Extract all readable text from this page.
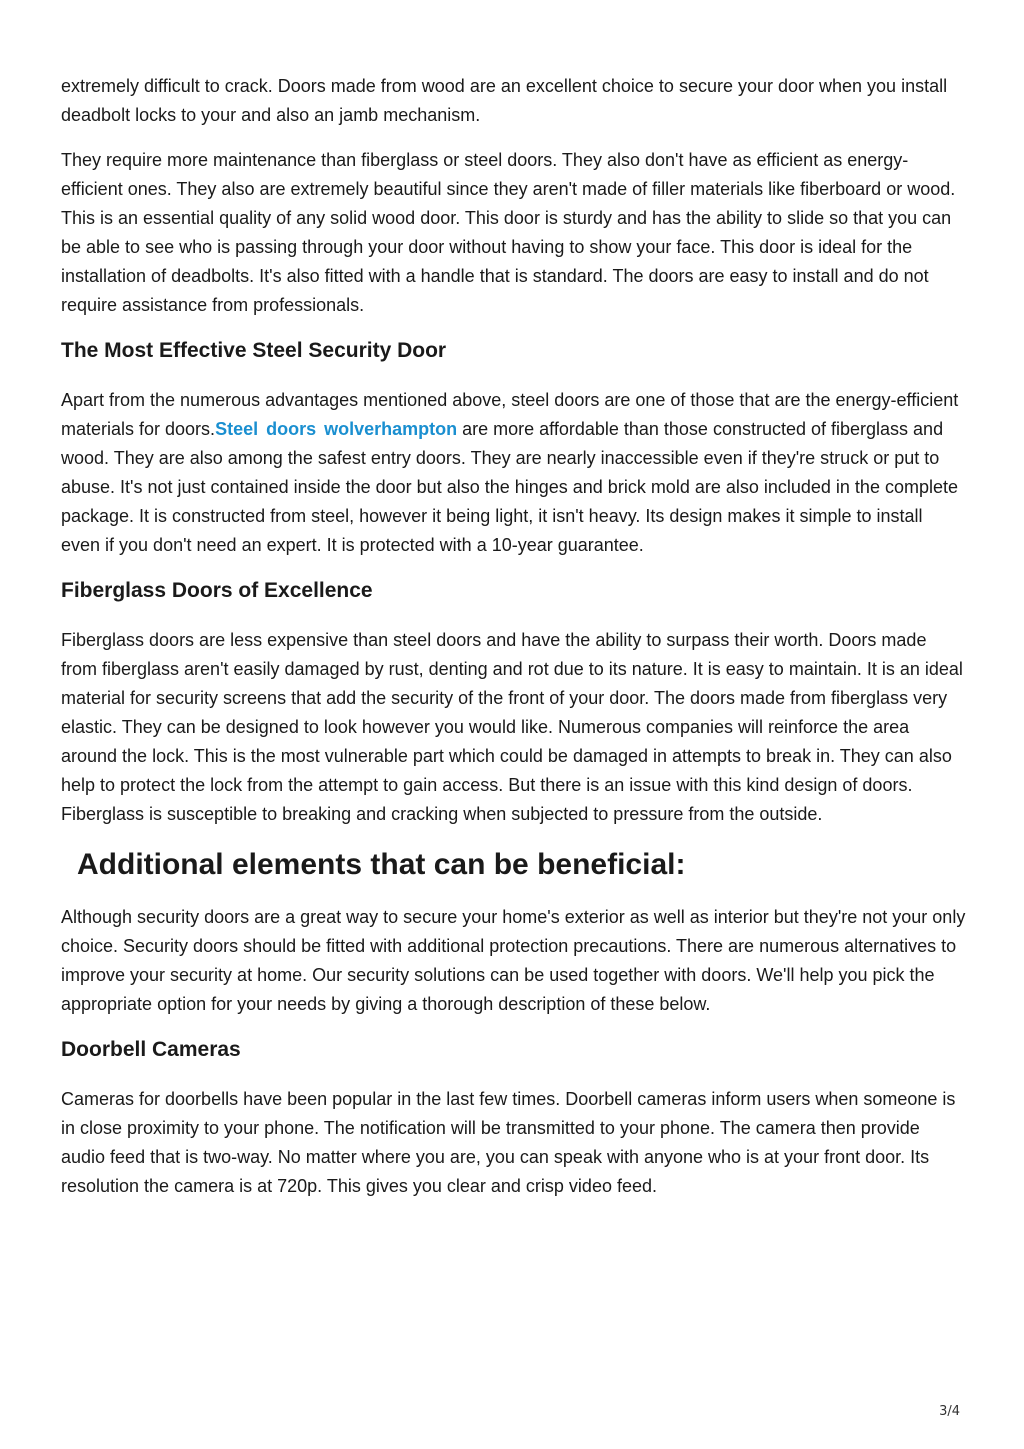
extremely difficult to crack. Doors made from wood are an excellent choice to secure your door when you install deadbolt locks to your and also an jamb mechanism.

They require more maintenance than fiberglass or steel doors. They also don't have as efficient as energy-efficient ones. They also are extremely beautiful since they aren't made of filler materials like fiberboard or wood. This is an essential quality of any solid wood door. This door is sturdy and has the ability to slide so that you can be able to see who is passing through your door without having to show your face. This door is ideal for the installation of deadbolts. It's also fitted with a handle that is standard. The doors are easy to install and do not require assistance from professionals.

The Most Effective Steel Security Door

Apart from the numerous advantages mentioned above, steel doors are one of those that are the energy-efficient materials for doors.Steel doors wolverhampton are more affordable than those constructed of fiberglass and wood. They are also among the safest entry doors. They are nearly inaccessible even if they're struck or put to abuse. It's not just contained inside the door but also the hinges and brick mold are also included in the complete package. It is constructed from steel, however it being light, it isn't heavy. Its design makes it simple to install even if you don't need an expert. It is protected with a 10-year guarantee.

Fiberglass Doors of Excellence

Fiberglass doors are less expensive than steel doors and have the ability to surpass their worth. Doors made from fiberglass aren't easily damaged by rust, denting and rot due to its nature. It is easy to maintain. It is an ideal material for security screens that add the security of the front of your door. The doors made from fiberglass very elastic. They can be designed to look however you would like. Numerous companies will reinforce the area around the lock. This is the most vulnerable part which could be damaged in attempts to break in. They can also help to protect the lock from the attempt to gain access. But there is an issue with this kind design of doors. Fiberglass is susceptible to breaking and cracking when subjected to pressure from the outside.

Additional elements that can be beneficial:

Although security doors are a great way to secure your home's exterior as well as interior but they're not your only choice. Security doors should be fitted with additional protection precautions. There are numerous alternatives to improve your security at home. Our security solutions can be used together with doors. We'll help you pick the appropriate option for your needs by giving a thorough description of these below.

Doorbell Cameras

Cameras for doorbells have been popular in the last few times. Doorbell cameras inform users when someone is in close proximity to your phone. The notification will be transmitted to your phone. The camera then provide audio feed that is two-way. No matter where you are, you can speak with anyone who is at your front door. Its resolution the camera is at 720p. This gives you clear and crisp video feed.

3/4
